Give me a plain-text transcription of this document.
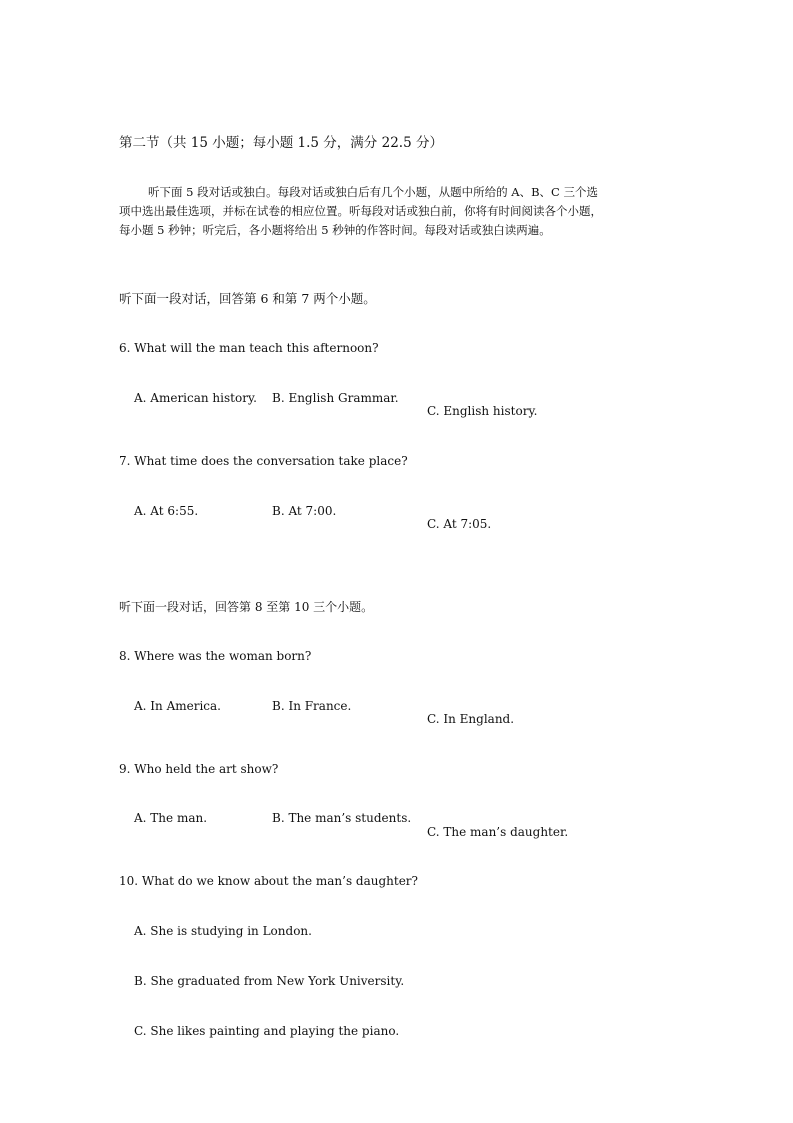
第二节（共 15 小题；每小题 1.5 分，满分 22.5 分）
听下面 5 段对话或独白。每段对话或独白后有几个小题，从题中所给的 A、B、C 三个选
项中选出最佳选项，并标在试卷的相应位置。听每段对话或独白前，你将有时间阅读各个小题，
每小题 5 秒钟；听完后，各小题将给出 5 秒钟的作答时间。每段对话或独白读两遍。
听下面一段对话，回答第 6 和第 7 两个小题。
6. What will the man teach this afternoon?
A. American history. B. English Grammar.
C. English history.
7. What time does the conversation take place?
A. At 6:55.	B. At 7:00.
C. At 7:05.
听下面一段对话，回答第 8 至第 10 三个小题。
8. Where was the woman born?
A. In America.	B. In France.
C. In England.
9. Who held the art show?
A. The man.	B. The man’s students.
C. The man’s daughter.
10. What do we know about the man’s daughter?
A. She is studying in London.
B. She graduated from New York University.
C. She likes painting and playing the piano.
